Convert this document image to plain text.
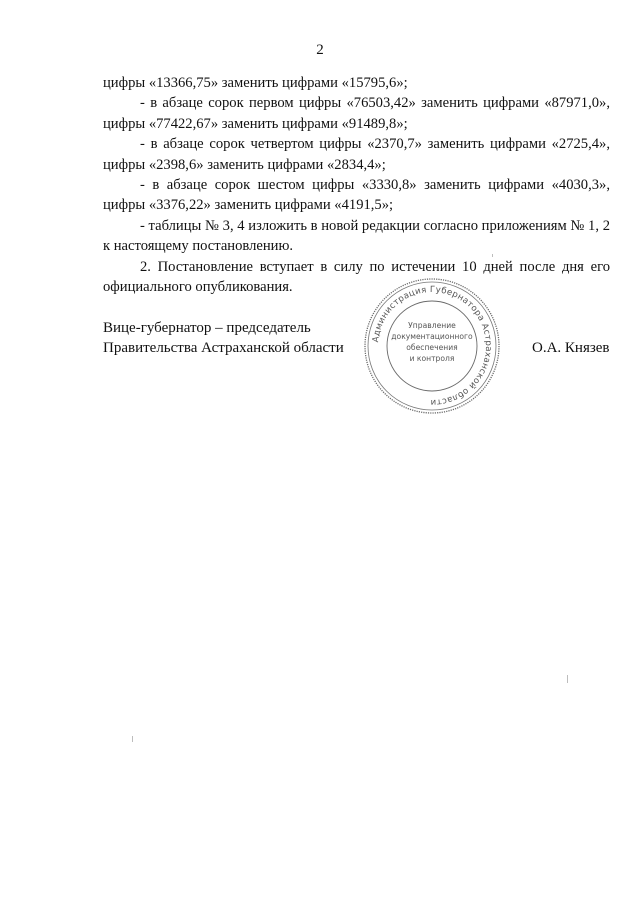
2

цифры «13366,75» заменить цифрами «15795,6»;

- в абзаце сорок первом цифры «76503,42» заменить цифрами «87971,0», цифры «77422,67» заменить цифрами «91489,8»;

- в абзаце сорок четвертом цифры «2370,7» заменить цифрами «2725,4», цифры «2398,6» заменить цифрами «2834,4»;

- в абзаце сорок шестом цифры «3330,8» заменить цифрами «4030,3», цифры «3376,22» заменить цифрами «4191,5»;

- таблицы № 3, 4 изложить в новой редакции согласно приложениям № 1, 2 к настоящему постановлению.

2. Постановление вступает в силу по истечении 10 дней после дня его официального опубликования.

Вице-губернатор – председатель
Правительства Астраханской области	О.А. Князев
Администрация Губернатора Астраханской области
Управление
документационного
обеспечения
и контроля
